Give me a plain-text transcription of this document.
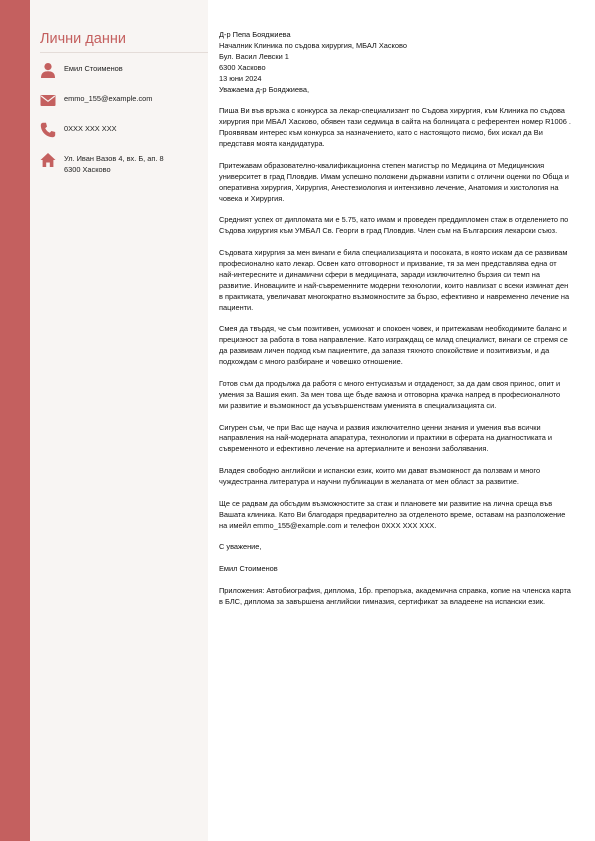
Лични данни
Емил Стоименов
emmo_155@example.com
0XXX XXX XXX
Ул. Иван Вазов 4, вх. Б, ап. 8
6300 Хасково

Д-р Пепа Бояджиева

Началник Клиника по съдова хирургия, МБАЛ Хасково

Бул. Васил Левски 1

6300 Хасково

13 юни 2024

Уважаема д-р Бояджиева,

Пиша Ви във връзка с конкурса за лекар-специализант по Съдова хирургия, към Клиника по съдова хирургия при МБАЛ Хасково, обявен тази седмица в сайта на болницата с референтен номер R1006 . Проявявам интерес към конкурса за назначението, като с настоящото писмо, бих искал да Ви представя моята кандидатура.

Притежавам образователно-квалификационна степен магистър по Медицина от Медицинския университет в град Пловдив. Имам успешно положени държавни изпити с отлични оценки по Обща и оперативна хирургия, Хирургия, Анестезиология и интензивно лечение, Анатомия и хистология на човека и Хирургия.

Средният успех от дипломата ми е 5.75, като имам и проведен преддипломен стаж в отделението по Съдова хирургия към УМБАЛ Св. Георги в град Пловдив. Член съм на Българския лекарски съюз.

Съдовата хирургия за мен винаги е била специализацията и посоката, в която искам да се развивам професионално като лекар. Освен като отговорност и призвание, тя за мен представлява една от най-интересните и динамични сфери в медицината, заради изключително бързия си темп на развитие. Иновациите и най-съвременните модерни технологии, които навлизат с всеки изминат ден в практиката, увеличават многократно възможностите за бързо, ефективно и навременно лечение на пациенти.

Смея да твърдя, че съм позитивен, усмихнат и спокоен човек, и притежавам необходимите баланс и прецизност за работа в това направление. Като изграждащ се млад специалист, винаги се стремя се да развивам личен подход към пациентите, да запазя тяхното спокойствие и позитивизъм, и да подхождам с много разбиране и човешко отношение.

Готов съм да продължа да работя с много ентусиазъм и отдаденост, за да дам своя принос, опит и умения за Вашия екип. За мен това ще бъде важна и отговорна крачка напред в професионалното ми развитие и възможност да усъвършенствам уменията в специализацията си.

Сигурен съм, че при Вас ще науча и развия изключително ценни знания и умения във всички направления на най-модерната апаратура, технологии и практики в сферата на диагностиката и съвременното и ефективно лечение на артериалните и венозни заболявания.

Владея свободно английски и испански език, които ми дават възможност да ползвам и много чуждестранна литература и научни публикации в желаната от мен област за развитие.

Ще се радвам да обсъдим възможностите за стаж и плановете ми развитие на лична среща във Вашата клиника. Като Ви благодаря предварително за отделеното време, оставам на разположение на имейл emmo_155@example.com и телефон 0XXX XXX XXX.

С уважение,

Емил Стоименов

Приложения: Автобиография, диплома, 1бр. препоръка, академична справка, копие на членска карта в БЛС, диплома за завършена английски гимназия, сертификат за владеене на испански език.
